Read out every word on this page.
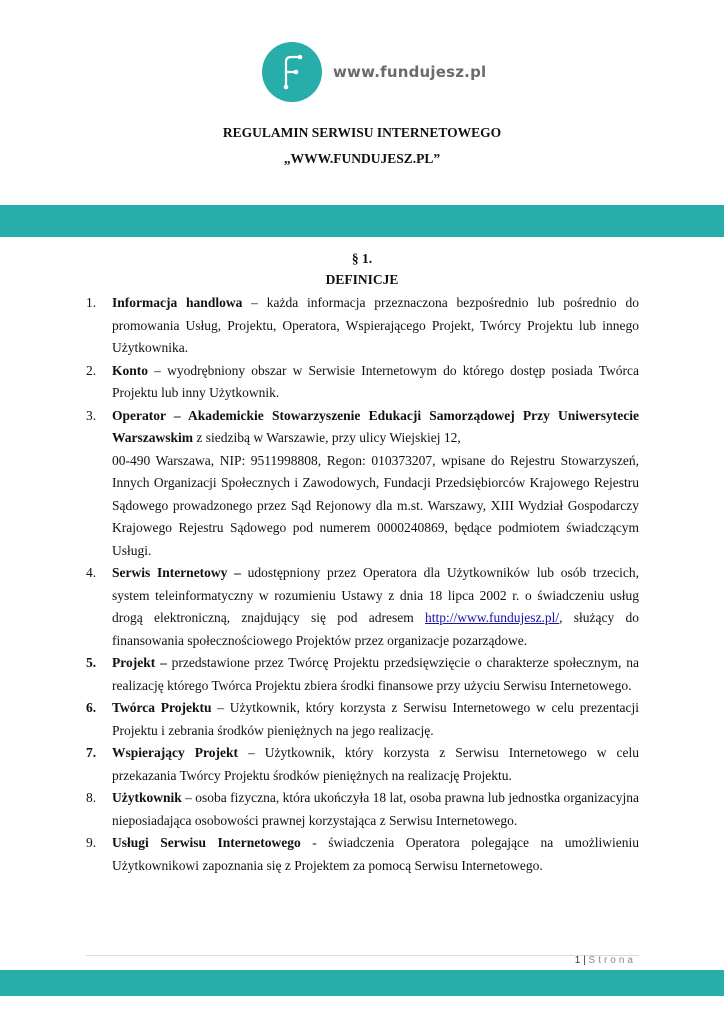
www.fundujesz.pl
REGULAMIN SERWISU INTERNETOWEGO
„WWW.FUNDUJESZ.PL”
§ 1.
DEFINICJE
1. Informacja handlowa – każda informacja przeznaczona bezpośrednio lub pośrednio do promowania Usług, Projektu, Operatora, Wspierającego Projekt, Twórcy Projektu lub innego Użytkownika.
2. Konto – wyodrębniony obszar w Serwisie Internetowym do którego dostęp posiada Twórca Projektu lub inny Użytkownik.
3. Operator – Akademickie Stowarzyszenie Edukacji Samorządowej Przy Uniwersytecie Warszawskim z siedzibą w Warszawie, przy ulicy Wiejskiej 12,
00-490 Warszawa, NIP: 9511998808, Regon: 010373207, wpisane do Rejestru Stowarzyszeń, Innych Organizacji Społecznych i Zawodowych, Fundacji Przedsiębiorców Krajowego Rejestru Sądowego prowadzonego przez Sąd Rejonowy dla m.st. Warszawy, XIII Wydział Gospodarczy Krajowego Rejestru Sądowego pod numerem 0000240869, będące podmiotem świadczącym Usługi.
4. Serwis Internetowy – udostępniony przez Operatora dla Użytkowników lub osób trzecich, system teleinformatyczny w rozumieniu Ustawy z dnia 18 lipca 2002 r. o świadczeniu usług drogą elektroniczną, znajdujący się pod adresem http://www.fundujesz.pl/, służący do finansowania społecznościowego Projektów przez organizacje pozarządowe.
5. Projekt – przedstawione przez Twórcę Projektu przedsięwzięcie o charakterze społecznym, na realizację którego Twórca Projektu zbiera środki finansowe przy użyciu Serwisu Internetowego.
6. Twórca Projektu – Użytkownik, który korzysta z Serwisu Internetowego w celu prezentacji Projektu i zebrania środków pieniężnych na jego realizację.
7. Wspierający Projekt – Użytkownik, który korzysta z Serwisu Internetowego w celu przekazania Twórcy Projektu środków pieniężnych na realizację Projektu.
8. Użytkownik – osoba fizyczna, która ukończyła 18 lat, osoba prawna lub jednostka organizacyjna nieposiadająca osobowości prawnej korzystająca z Serwisu Internetowego.
9. Usługi Serwisu Internetowego - świadczenia Operatora polegające na umożliwieniu Użytkownikowi zapoznania się z Projektem za pomocą Serwisu Internetowego.
1 | Strona
